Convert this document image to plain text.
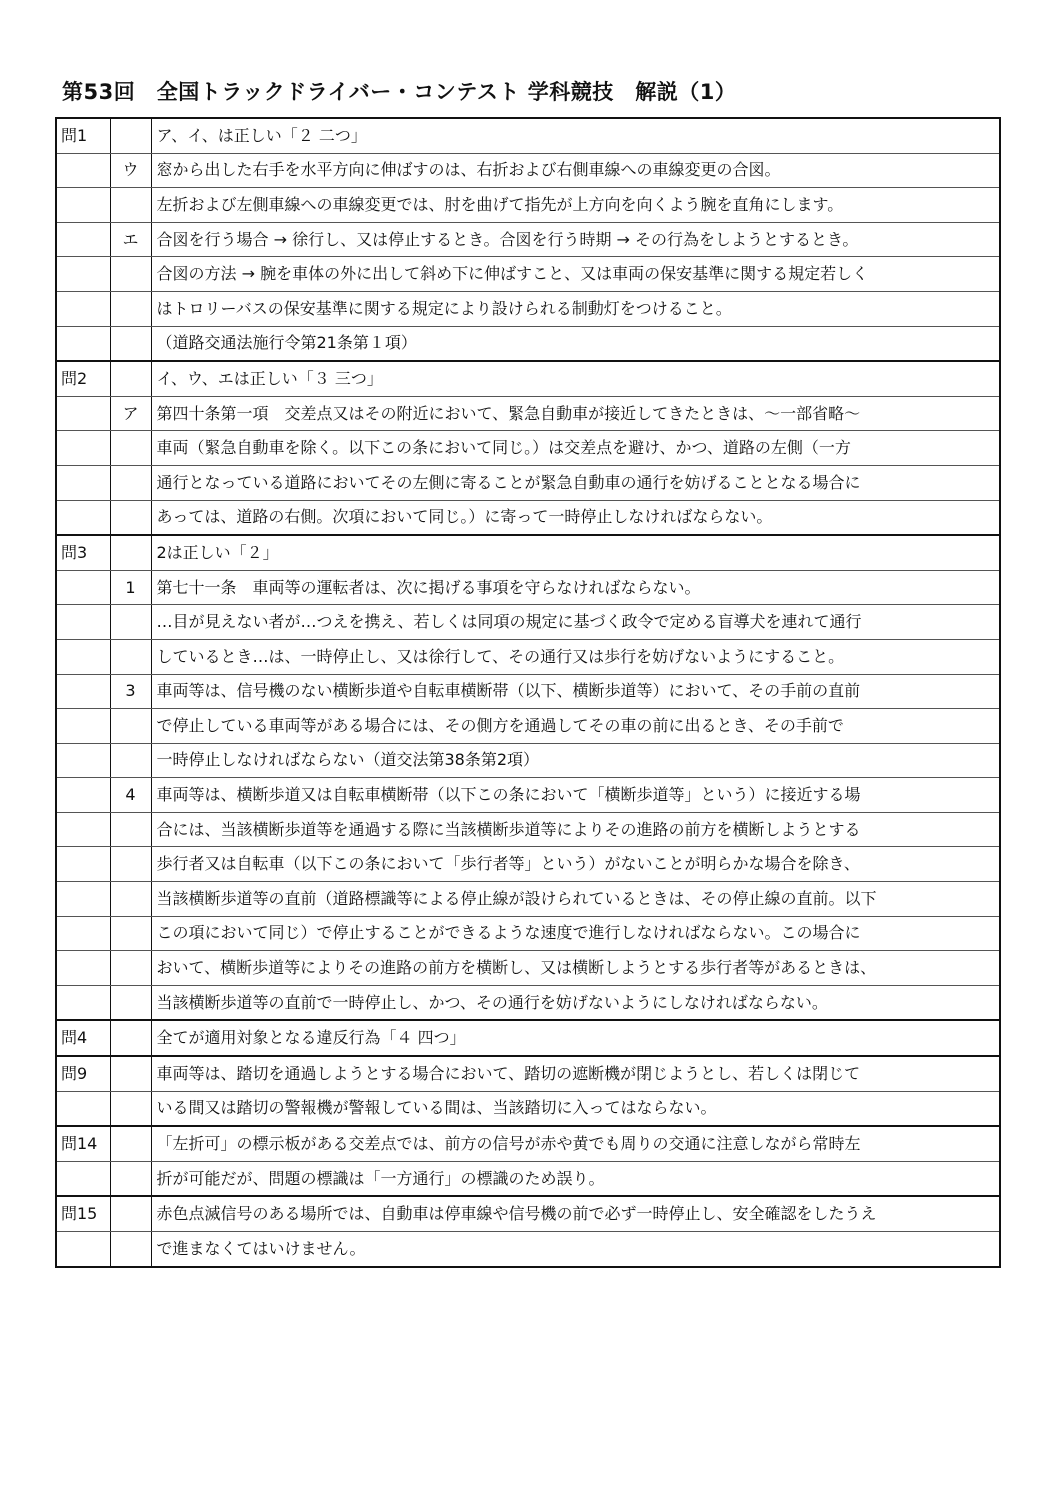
第53回　全国トラックドライバー・コンテスト 学科競技　解説（1）
問1		ア、イ、は正しい「２ 二つ」
	ウ	窓から出した右手を水平方向に伸ばすのは、右折および右側車線への車線変更の合図。
		左折および左側車線への車線変更では、肘を曲げて指先が上方向を向くよう腕を直角にします。
	エ	合図を行う場合 → 徐行し、又は停止するとき。合図を行う時期 → その行為をしようとするとき。
		合図の方法 → 腕を車体の外に出して斜め下に伸ばすこと、又は車両の保安基準に関する規定若しく
		はトロリーバスの保安基準に関する規定により設けられる制動灯をつけること。
		（道路交通法施行令第21条第１項）
問2		イ、ウ、エは正しい「３ 三つ」
	ア	第四十条第一項　交差点又はその附近において、緊急自動車が接近してきたときは、～一部省略～
		車両（緊急自動車を除く。以下この条において同じ。）は交差点を避け、かつ、道路の左側（一方
		通行となっている道路においてその左側に寄ることが緊急自動車の通行を妨げることとなる場合に
		あっては、道路の右側。次項において同じ。）に寄って一時停止しなければならない。
問3		2は正しい「２」
	1	第七十一条　車両等の運転者は、次に掲げる事項を守らなければならない。
		…目が見えない者が…つえを携え、若しくは同項の規定に基づく政令で定める盲導犬を連れて通行
		しているとき…は、一時停止し、又は徐行して、その通行又は歩行を妨げないようにすること。
	3	車両等は、信号機のない横断歩道や自転車横断帯（以下、横断歩道等）において、その手前の直前
		で停止している車両等がある場合には、その側方を通過してその車の前に出るとき、その手前で
		一時停止しなければならない（道交法第38条第2項）
	4	車両等は、横断歩道又は自転車横断帯（以下この条において「横断歩道等」という）に接近する場
		合には、当該横断歩道等を通過する際に当該横断歩道等によりその進路の前方を横断しようとする
		歩行者又は自転車（以下この条において「歩行者等」という）がないことが明らかな場合を除き、
		当該横断歩道等の直前（道路標識等による停止線が設けられているときは、その停止線の直前。以下
		この項において同じ）で停止することができるような速度で進行しなければならない。この場合に
		おいて、横断歩道等によりその進路の前方を横断し、又は横断しようとする歩行者等があるときは、
		当該横断歩道等の直前で一時停止し、かつ、その通行を妨げないようにしなければならない。
問4		全てが適用対象となる違反行為「４ 四つ」
問9		車両等は、踏切を通過しようとする場合において、踏切の遮断機が閉じようとし、若しくは閉じて
		いる間又は踏切の警報機が警報している間は、当該踏切に入ってはならない。
問14		「左折可」の標示板がある交差点では、前方の信号が赤や黄でも周りの交通に注意しながら常時左
		折が可能だが、問題の標識は「一方通行」の標識のため誤り。
問15		赤色点滅信号のある場所では、自動車は停車線や信号機の前で必ず一時停止し、安全確認をしたうえ
		で進まなくてはいけません。
